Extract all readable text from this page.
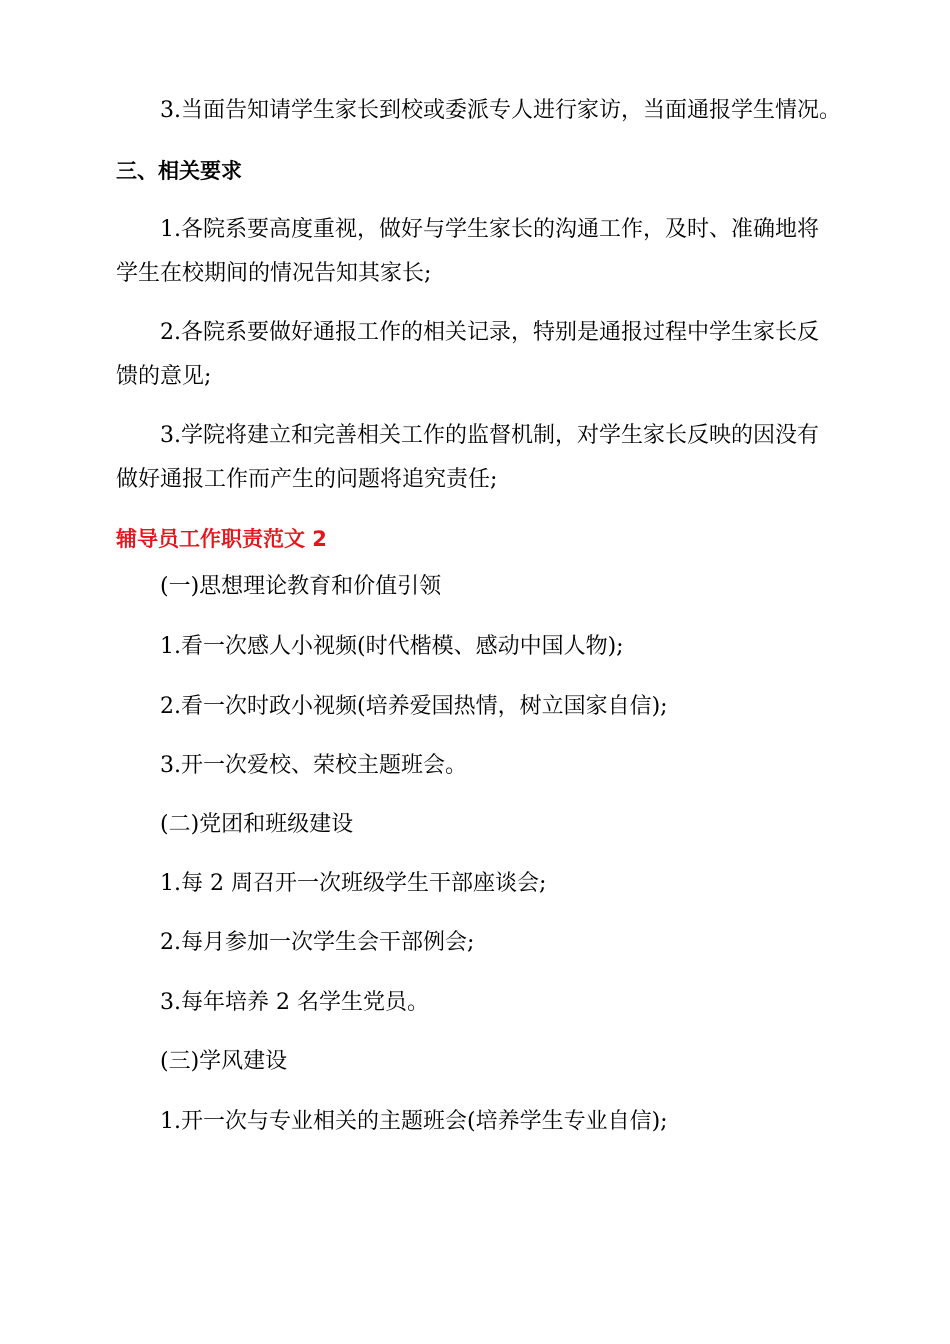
3.当面告知请学生家长到校或委派专人进行家访，当面通报学生情况。

三、相关要求

1.各院系要高度重视，做好与学生家长的沟通工作，及时、准确地将

学生在校期间的情况告知其家长;

2.各院系要做好通报工作的相关记录，特别是通报过程中学生家长反

馈的意见;

3.学院将建立和完善相关工作的监督机制，对学生家长反映的因没有

做好通报工作而产生的问题将追究责任;

辅导员工作职责范文 2

(一)思想理论教育和价值引领

1.看一次感人小视频(时代楷模、感动中国人物);

2.看一次时政小视频(培养爱国热情，树立国家自信);

3.开一次爱校、荣校主题班会。

(二)党团和班级建设

1.每 2 周召开一次班级学生干部座谈会;

2.每月参加一次学生会干部例会;

3.每年培养 2 名学生党员。

(三)学风建设

1.开一次与专业相关的主题班会(培养学生专业自信);
